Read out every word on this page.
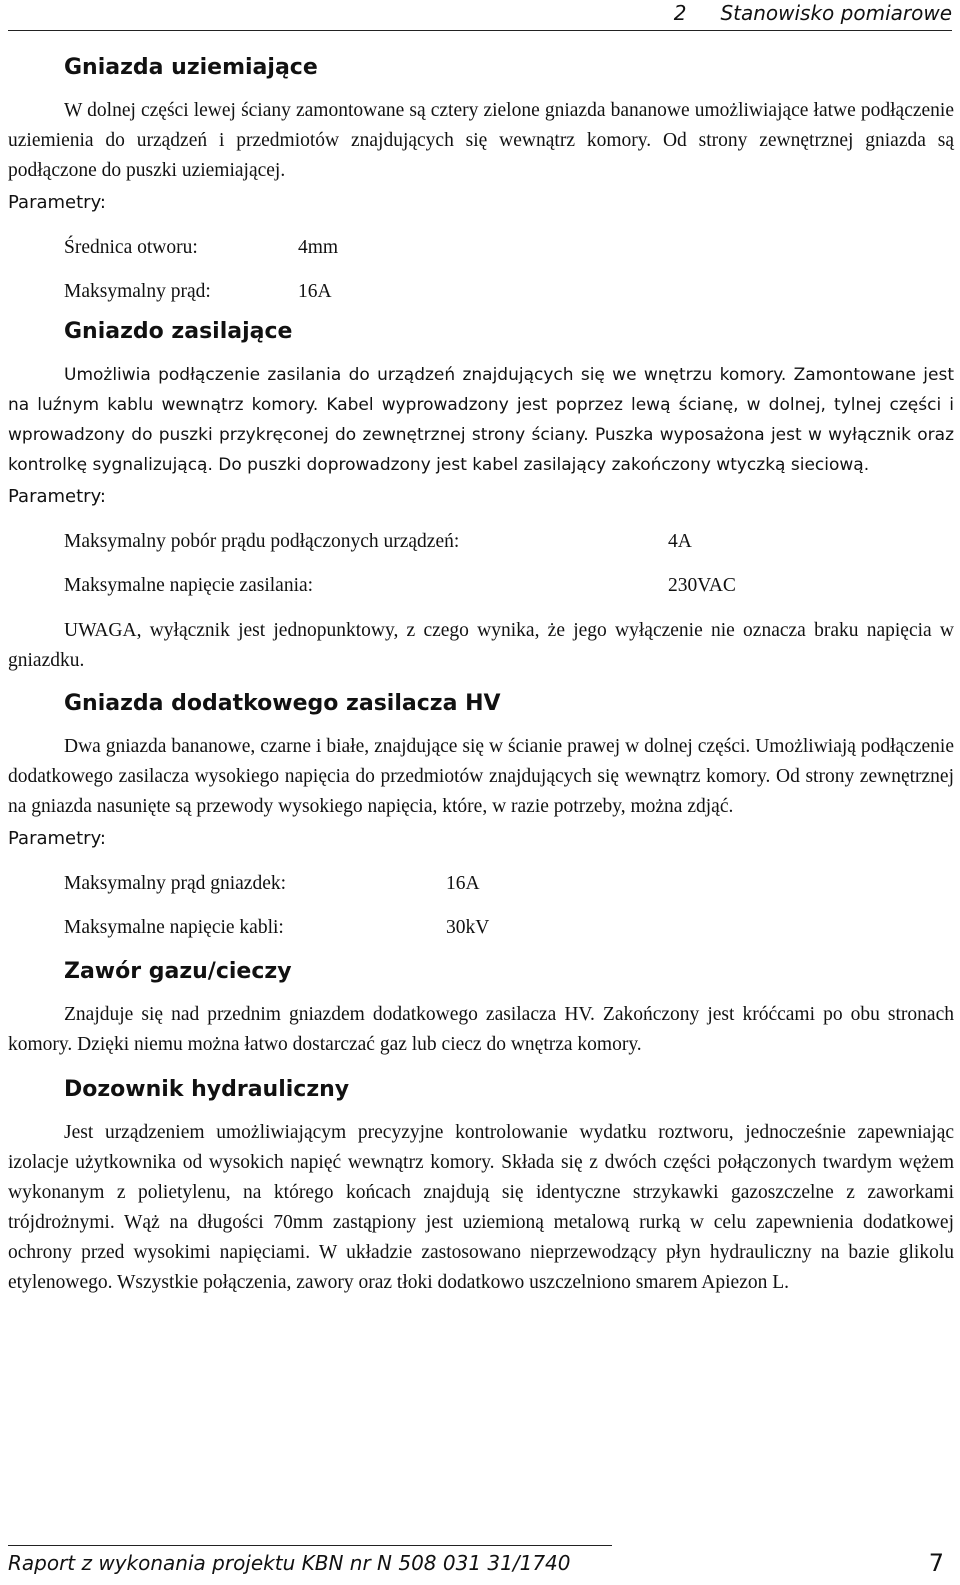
2 Stanowisko pomiarowe
Gniazda uziemiające

W dolnej części lewej ściany zamontowane są cztery zielone gniazda bananowe umożliwiające łatwe podłączenie uziemienia do urządzeń i przedmiotów znajdujących się wewnątrz komory. Od strony zewnętrznej gniazda są podłączone do puszki uziemiającej.

Parametry:
Średnica otworu:	4mm
Maksymalny prąd:	16A
Gniazdo zasilające

Umożliwia podłączenie zasilania do urządzeń znajdujących się we wnętrzu komory. Zamontowane jest na luźnym kablu wewnątrz komory. Kabel wyprowadzony jest poprzez lewą ścianę, w dolnej, tylnej części i wprowadzony do puszki przykręconej do zewnętrznej strony ściany. Puszka wyposażona jest w wyłącznik oraz kontrolkę sygnalizującą. Do puszki doprowadzony jest kabel zasilający zakończony wtyczką sieciową.

Parametry:
Maksymalny pobór prądu podłączonych urządzeń:	4A
Maksymalne napięcie zasilania:	230VAC

UWAGA, wyłącznik jest jednopunktowy, z czego wynika, że jego wyłączenie nie oznacza braku napięcia w gniazdku.

Gniazda dodatkowego zasilacza HV

Dwa gniazda bananowe, czarne i białe, znajdujące się w ścianie prawej w dolnej części. Umożliwiają podłączenie dodatkowego zasilacza wysokiego napięcia do przedmiotów znajdujących się wewnątrz komory. Od strony zewnętrznej na gniazda nasunięte są przewody wysokiego napięcia, które, w razie potrzeby, można zdjąć.

Parametry:
Maksymalny prąd gniazdek:	16A
Maksymalne napięcie kabli:	30kV
Zawór gazu/cieczy

Znajduje się nad przednim gniazdem dodatkowego zasilacza HV. Zakończony jest króćcami po obu stronach komory. Dzięki niemu można łatwo dostarczać gaz lub ciecz do wnętrza komory.

Dozownik hydrauliczny

Jest urządzeniem umożliwiającym precyzyjne kontrolowanie wydatku roztworu, jednocześnie zapewniając izolacje użytkownika od wysokich napięć wewnątrz komory. Składa się z dwóch części połączonych twardym wężem wykonanym z polietylenu, na którego końcach znajdują się identyczne strzykawki gazoszczelne z zaworkami trójdrożnymi. Wąż na długości 70mm zastąpiony jest uziemioną metalową rurką w celu zapewnienia dodatkowej ochrony przed wysokimi napięciami. W układzie zastosowano nieprzewodzący płyn hydrauliczny na bazie glikolu etylenowego. Wszystkie połączenia, zawory oraz tłoki dodatkowo uszczelniono smarem Apiezon L.

Raport z wykonania projektu KBN nr N 508 031 31/1740	7
